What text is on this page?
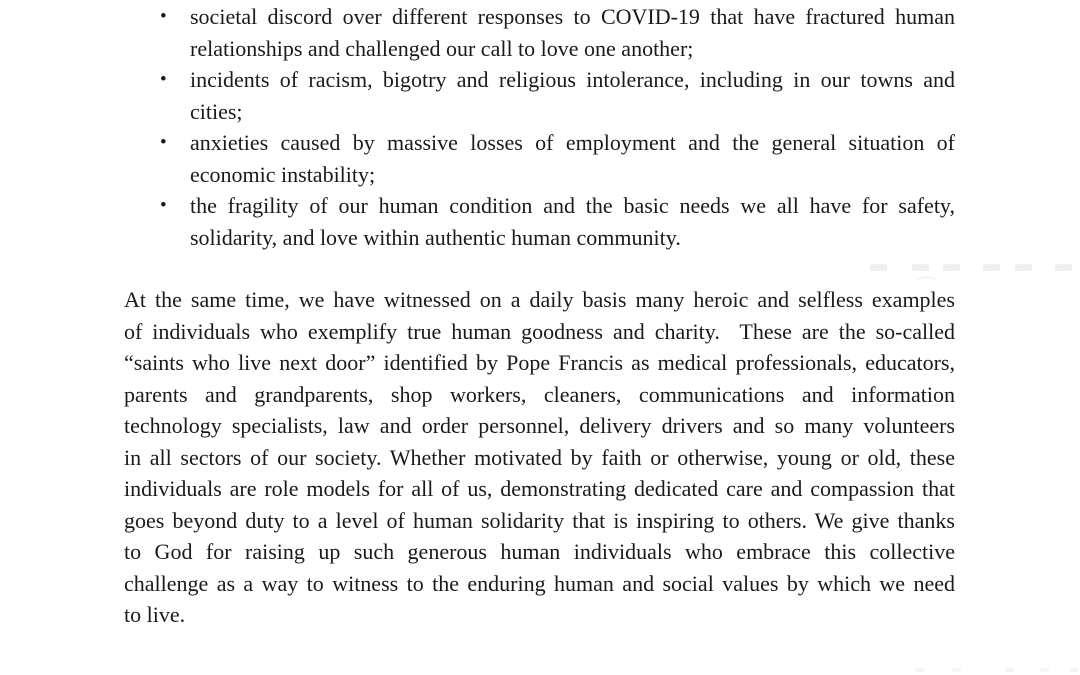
•	societal discord over different responses to COVID-19 that have fractured human
relationships and challenged our call to love one another;
•	incidents of racism, bigotry and religious intolerance, including in our towns and
cities;
•	anxieties caused by massive losses of employment and the general situation of
economic instability;
•	the fragility of our human condition and the basic needs we all have for safety,
solidarity, and love within authentic human community.
At the same time, we have witnessed on a daily basis many heroic and selfless examples
of individuals who exemplify true human goodness and charity.  These are the so-called
“saints who live next door” identified by Pope Francis as medical professionals, educators,
parents and grandparents, shop workers, cleaners, communications and information
technology specialists, law and order personnel, delivery drivers and so many volunteers
in all sectors of our society. Whether motivated by faith or otherwise, young or old, these
individuals are role models for all of us, demonstrating dedicated care and compassion that
goes beyond duty to a level of human solidarity that is inspiring to others. We give thanks
to God for raising up such generous human individuals who embrace this collective
challenge as a way to witness to the enduring human and social values by which we need
to live.
